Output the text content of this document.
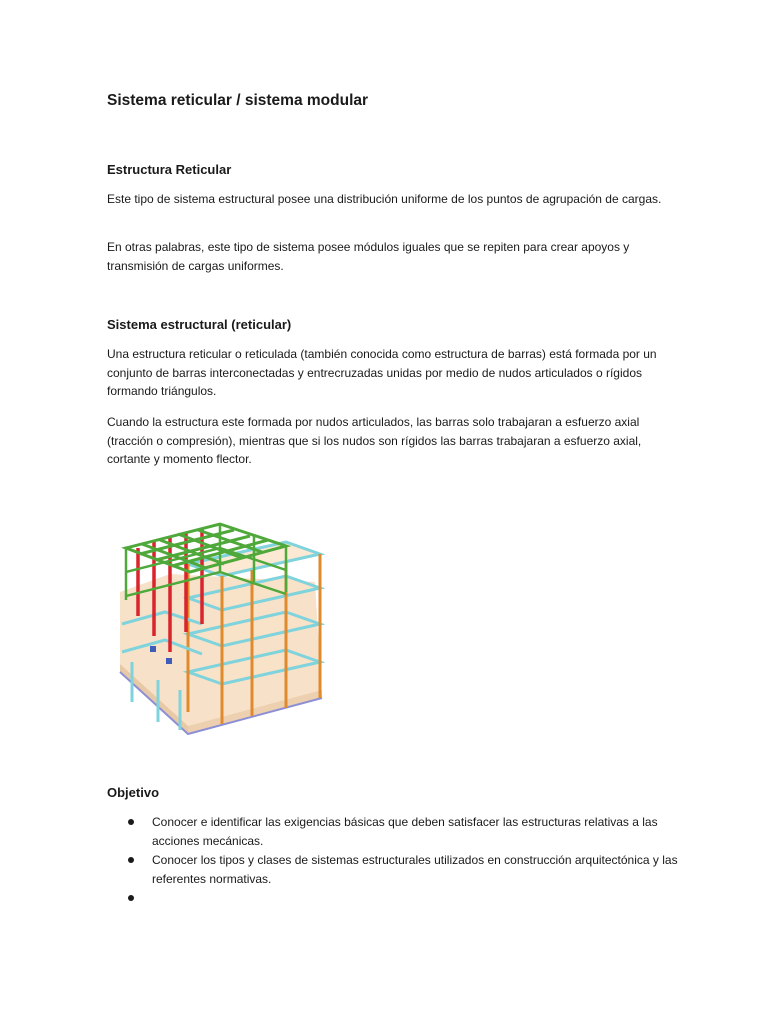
Sistema reticular / sistema modular
Estructura Reticular

Este tipo de sistema estructural posee una distribución uniforme de los puntos de agrupación de cargas.

En otras palabras, este tipo de sistema posee módulos iguales que se repiten para crear apoyos y transmisión de cargas uniformes.

Sistema estructural (reticular)

Una estructura reticular o reticulada (también conocida como estructura de barras) está formada por un conjunto de barras interconectadas y entrecruzadas unidas por medio de nudos articulados o rígidos formando triángulos.

Cuando la estructura este formada por nudos articulados, las barras solo trabajaran a esfuerzo axial (tracción o compresión), mientras que si los nudos son rígidos las barras trabajaran a esfuerzo axial, cortante y momento flector.

Objetivo
Conocer e identificar las exigencias básicas que deben satisfacer las estructuras relativas a las acciones mecánicas.
Conocer los tipos y clases de sistemas estructurales utilizados en construcción arquitectónica y las referentes normativas.
